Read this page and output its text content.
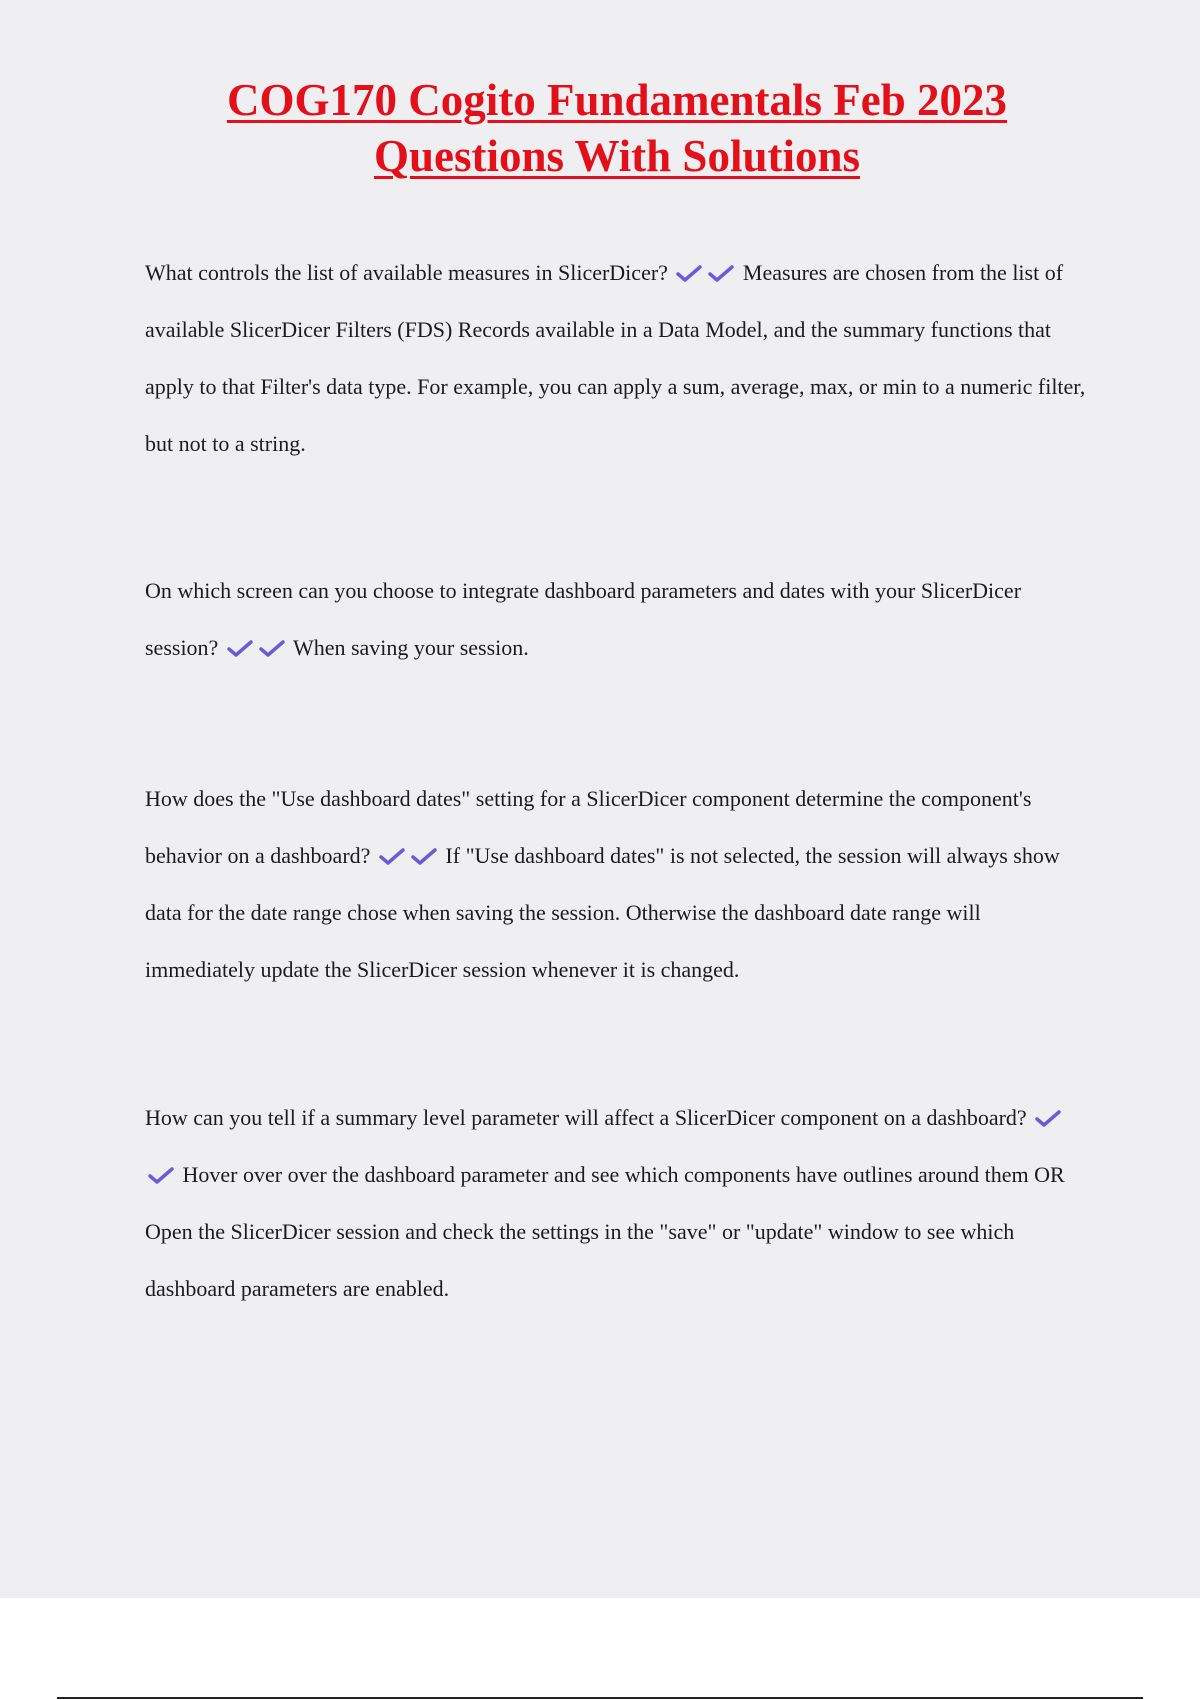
COG170 Cogito Fundamentals Feb 2023
Questions With Solutions

What controls the list of available measures in SlicerDicer?	Measures are chosen from the list of available SlicerDicer Filters (FDS) Records available in a Data Model, and the summary functions that apply to that Filter's data type. For example, you can apply a sum, average, max, or min to a numeric filter, but not to a string.

On which screen can you choose to integrate dashboard parameters and dates with your SlicerDicer session?	When saving your session.

How does the "Use dashboard dates" setting for a SlicerDicer component determine the component's behavior on a dashboard?	If "Use dashboard dates" is not selected, the session will always show data for the date range chose when saving the session. Otherwise the dashboard date range will immediately update the SlicerDicer session whenever it is changed.

How can you tell if a summary level parameter will affect a SlicerDicer component on a dashboard?
Hover over over the dashboard parameter and see which components have outlines around them OR Open the SlicerDicer session and check the settings in the "save" or "update" window to see which dashboard parameters are enabled.
